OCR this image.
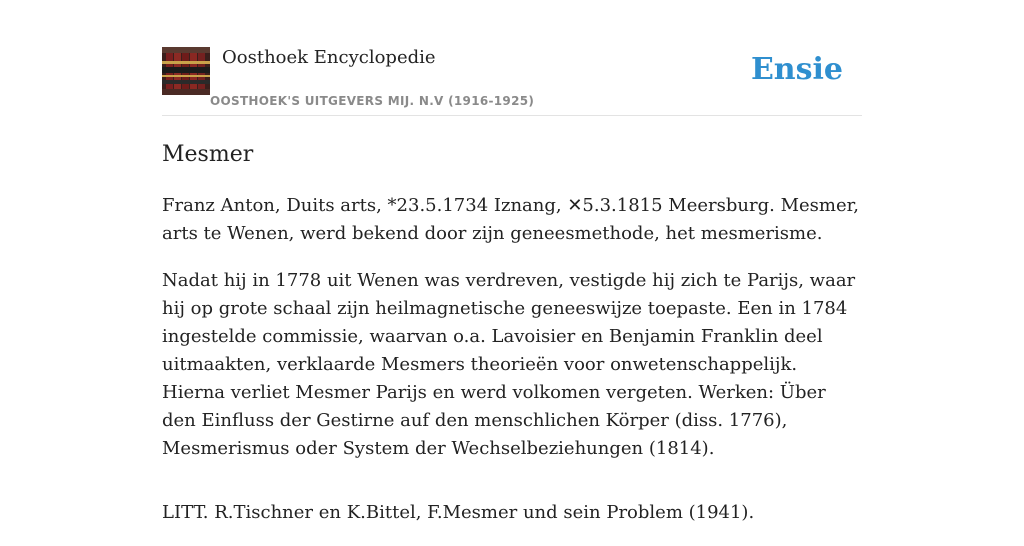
Oosthoek Encyclopedie
OOSTHOEK'S UITGEVERS MIJ. N.V (1916-1925)
Ensie
Mesmer

Franz Anton, Duits arts, *23.5.1734 Iznang, ✕5.3.1815 Meersburg. Mesmer, arts te Wenen, werd bekend door zijn geneesmethode, het mesmerisme.

Nadat hij in 1778 uit Wenen was verdreven, vestigde hij zich te Parijs, waar hij op grote schaal zijn heilmagnetische geneeswijze toepaste. Een in 1784 ingestelde commissie, waarvan o.a. Lavoisier en Benjamin Franklin deel uitmaakten, verklaarde Mesmers theorieën voor onwetenschappelijk. Hierna verliet Mesmer Parijs en werd volkomen vergeten. Werken: Über den Einfluss der Gestirne auf den menschlichen Körper (diss. 1776), Mesmerismus oder System der Wechselbeziehungen (1814).

LITT. R.Tischner en K.Bittel, F.Mesmer und sein Problem (1941).
